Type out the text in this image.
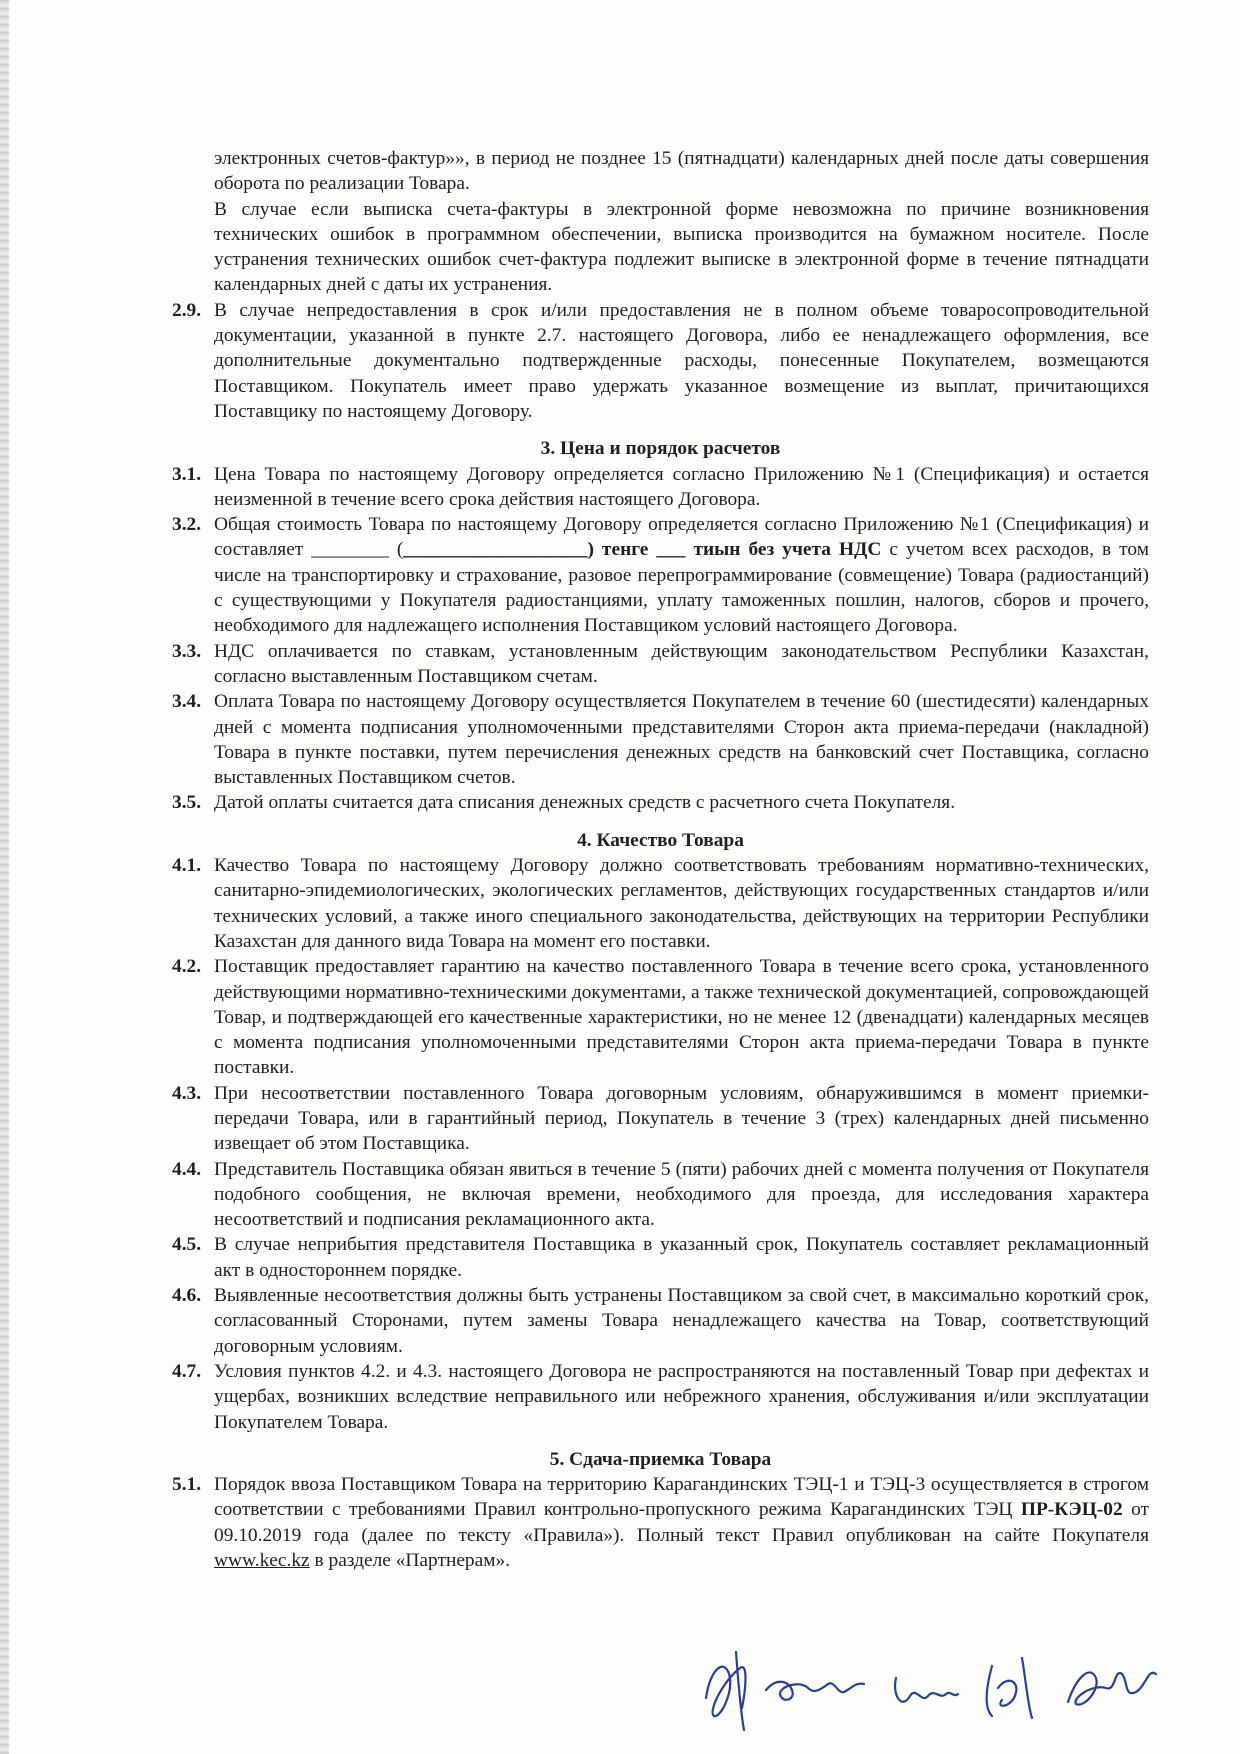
электронных счетов-фактур»», в период не позднее 15 (пятнадцати) календарных дней после даты совершения оборота по реализации Товара.

В случае если выписка счета-фактуры в электронной форме невозможна по причине возникновения технических ошибок в программном обеспечении, выписка производится на бумажном носителе. После устранения технических ошибок счет-фактура подлежит выписке в электронной форме в течение пятнадцати календарных дней с даты их устранения.

2.9. В случае непредоставления в срок и/или предоставления не в полном объеме товаросопроводительной документации, указанной в пункте 2.7. настоящего Договора, либо ее ненадлежащего оформления, все дополнительные документально подтвержденные расходы, понесенные Покупателем, возмещаются Поставщиком. Покупатель имеет право удержать указанное возмещение из выплат, причитающихся Поставщику по настоящему Договору.

3. Цена и порядок расчетов

3.1. Цена Товара по настоящему Договору определяется согласно Приложению №1 (Спецификация) и остается неизменной в течение всего срока действия настоящего Договора.
3.2. Общая стоимость Товара по настоящему Договору определяется согласно Приложению №1 (Спецификация) и составляет ________ (___________________) тенге ___ тиын без учета НДС с учетом всех расходов, в том числе на транспортировку и страхование, разовое перепрограммирование (совмещение) Товара (радиостанций) с существующими у Покупателя радиостанциями, уплату таможенных пошлин, налогов, сборов и прочего, необходимого для надлежащего исполнения Поставщиком условий настоящего Договора.
3.3. НДС оплачивается по ставкам, установленным действующим законодательством Республики Казахстан, согласно выставленным Поставщиком счетам.
3.4. Оплата Товара по настоящему Договору осуществляется Покупателем в течение 60 (шестидесяти) календарных дней с момента подписания уполномоченными представителями Сторон акта приема-передачи (накладной) Товара в пункте поставки, путем перечисления денежных средств на банковский счет Поставщика, согласно выставленных Поставщиком счетов.
3.5. Датой оплаты считается дата списания денежных средств с расчетного счета Покупателя.

4. Качество Товара

4.1. Качество Товара по настоящему Договору должно соответствовать требованиям нормативно-технических, санитарно-эпидемиологических, экологических регламентов, действующих государственных стандартов и/или технических условий, а также иного специального законодательства, действующих на территории Республики Казахстан для данного вида Товара на момент его поставки.
4.2. Поставщик предоставляет гарантию на качество поставленного Товара в течение всего срока, установленного действующими нормативно-техническими документами, а также технической документацией, сопровождающей Товар, и подтверждающей его качественные характеристики, но не менее 12 (двенадцати) календарных месяцев с момента подписания уполномоченными представителями Сторон акта приема-передачи Товара в пункте поставки.
4.3. При несоответствии поставленного Товара договорным условиям, обнаружившимся в момент приемки-передачи Товара, или в гарантийный период, Покупатель в течение 3 (трех) календарных дней письменно извещает об этом Поставщика.
4.4. Представитель Поставщика обязан явиться в течение 5 (пяти) рабочих дней с момента получения от Покупателя подобного сообщения, не включая времени, необходимого для проезда, для исследования характера несоответствий и подписания рекламационного акта.
4.5. В случае неприбытия представителя Поставщика в указанный срок, Покупатель составляет рекламационный акт в одностороннем порядке.
4.6. Выявленные несоответствия должны быть устранены Поставщиком за свой счет, в максимально короткий срок, согласованный Сторонами, путем замены Товара ненадлежащего качества на Товар, соответствующий договорным условиям.
4.7. Условия пунктов 4.2. и 4.3. настоящего Договора не распространяются на поставленный Товар при дефектах и ущербах, возникших вследствие неправильного или небрежного хранения, обслуживания и/или эксплуатации Покупателем Товара.

5. Сдача-приемка Товара

5.1. Порядок ввоза Поставщиком Товара на территорию Карагандинских ТЭЦ-1 и ТЭЦ-3 осуществляется в строгом соответствии с требованиями Правил контрольно-пропускного режима Карагандинских ТЭЦ ПР-КЭЦ-02 от 09.10.2019 года (далее по тексту «Правила»). Полный текст Правил опубликован на сайте Покупателя www.kec.kz в разделе «Партнерам».
